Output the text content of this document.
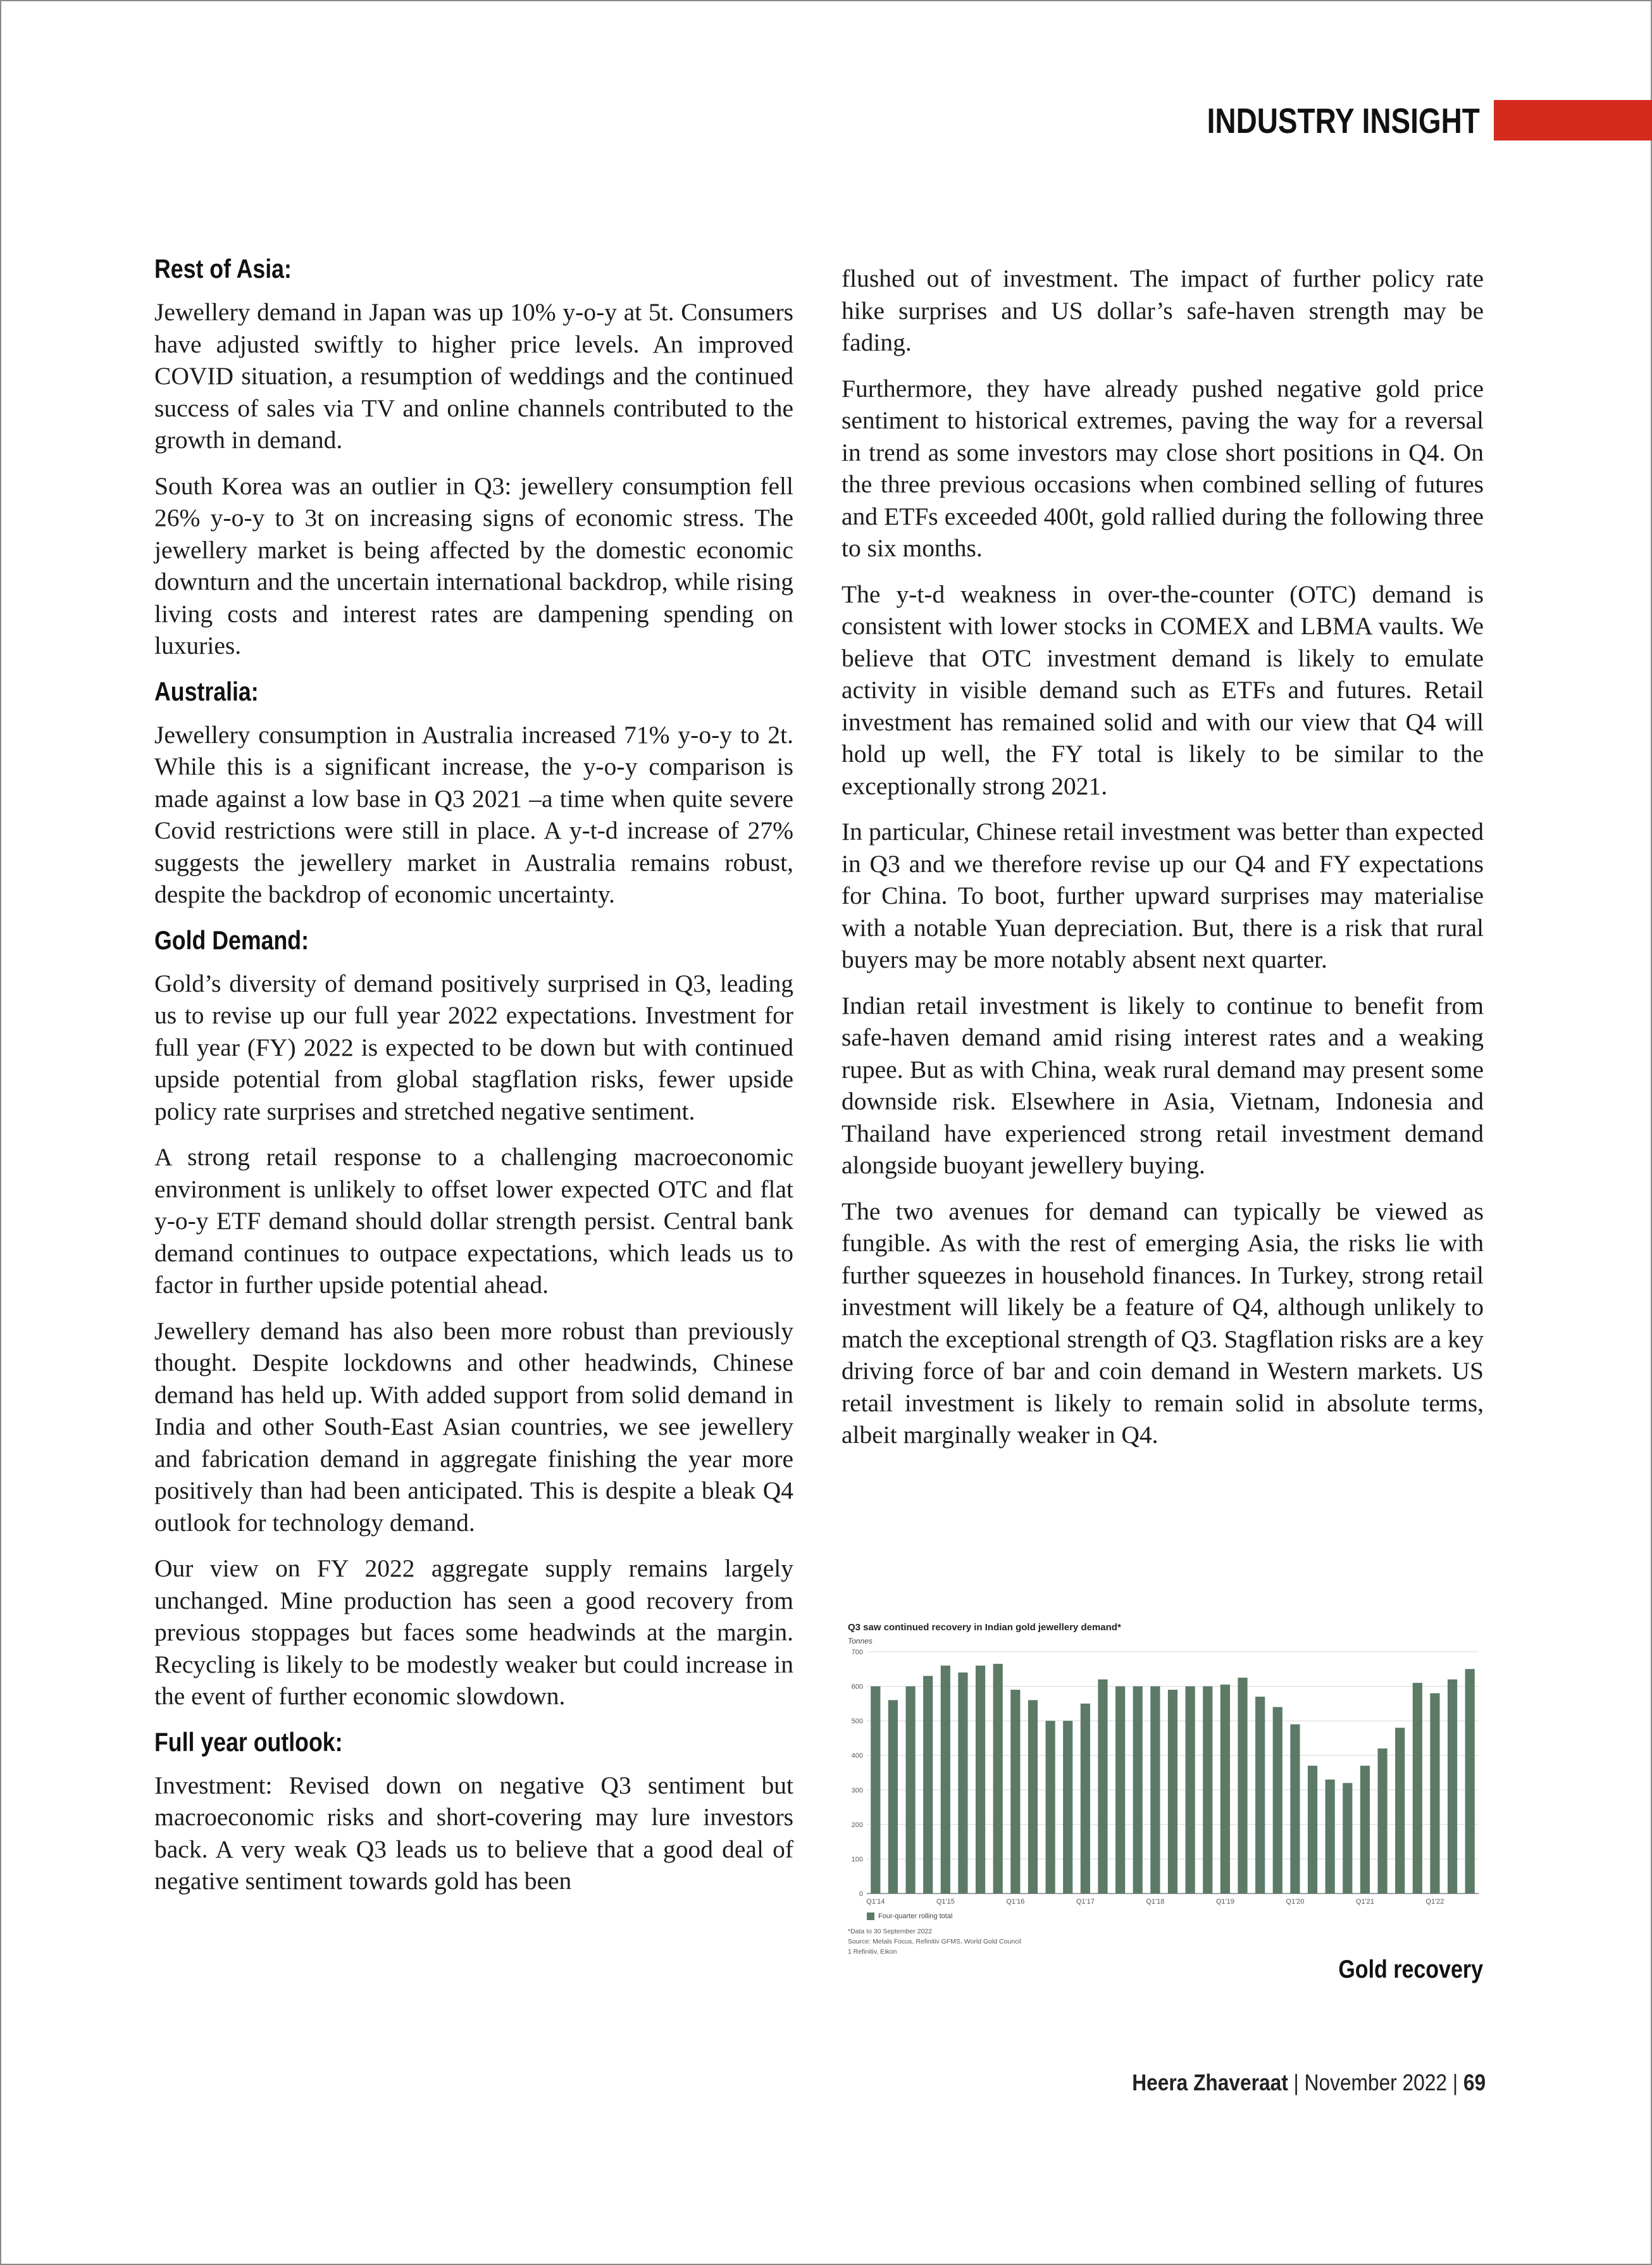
INDUSTRY INSIGHT
Rest of Asia:

Jewellery demand in Japan was up 10% y-o-y at 5t. Consumers have adjusted swiftly to higher price levels. An improved COVID situation, a resumption of weddings and the continued success of sales via TV and online channels contributed to the growth in demand.

South Korea was an outlier in Q3: jewellery consumption fell 26% y-o-y to 3t on increasing signs of economic stress. The jewellery market is being affected by the domestic economic downturn and the uncertain international backdrop, while rising living costs and interest rates are dampening spending on luxuries.

Australia:

Jewellery consumption in Australia increased 71% y-o-y to 2t. While this is a significant increase, the y-o-y comparison is made against a low base in Q3 2021 –a time when quite severe Covid restrictions were still in place. A y-t-d increase of 27% suggests the jewellery market in Australia remains robust, despite the backdrop of economic uncertainty.

Gold Demand:

Gold’s diversity of demand positively surprised in Q3, leading us to revise up our full year 2022 expectations. Investment for full year (FY) 2022 is expected to be down but with continued upside potential from global stagflation risks, fewer upside policy rate surprises and stretched negative sentiment.

A strong retail response to a challenging macroeconomic environment is unlikely to offset lower expected OTC and flat y-o-y ETF demand should dollar strength persist. Central bank demand continues to outpace expectations, which leads us to factor in further upside potential ahead.

Jewellery demand has also been more robust than previously thought. Despite lockdowns and other headwinds, Chinese demand has held up. With added support from solid demand in India and other South-East Asian countries, we see jewellery and fabrication demand in aggregate finishing the year more positively than had been anticipated. This is despite a bleak Q4 outlook for technology demand.

Our view on FY 2022 aggregate supply remains largely unchanged. Mine production has seen a good recovery from previous stoppages but faces some headwinds at the margin. Recycling is likely to be modestly weaker but could increase in the event of further economic slowdown.

Full year outlook:

Investment: Revised down on negative Q3 sentiment but macroeconomic risks and short-covering may lure investors back. A very weak Q3 leads us to believe that a good deal of negative sentiment towards gold has been

flushed out of investment. The impact of further policy rate hike surprises and US dollar’s safe-haven strength may be fading.

Furthermore, they have already pushed negative gold price sentiment to historical extremes, paving the way for a reversal in trend as some investors may close short positions in Q4. On the three previous occasions when combined selling of futures and ETFs exceeded 400t, gold rallied during the following three to six months.

The y-t-d weakness in over-the-counter (OTC) demand is consistent with lower stocks in COMEX and LBMA vaults. We believe that OTC investment demand is likely to emulate activity in visible demand such as ETFs and futures. Retail investment has remained solid and with our view that Q4 will hold up well, the FY total is likely to be similar to the exceptionally strong 2021.

In particular, Chinese retail investment was better than expected in Q3 and we therefore revise up our Q4 and FY expectations for China. To boot, further upward surprises may materialise with a notable Yuan depreciation. But, there is a risk that rural buyers may be more notably absent next quarter.

Indian retail investment is likely to continue to benefit from safe-haven demand amid rising interest rates and a weaking rupee. But as with China, weak rural demand may present some downside risk. Elsewhere in Asia, Vietnam, Indonesia and Thailand have experienced strong retail investment demand alongside buoyant jewellery buying.

The two avenues for demand can typically be viewed as fungible. As with the rest of emerging Asia, the risks lie with further squeezes in household finances. In Turkey, strong retail investment will likely be a feature of Q4, although unlikely to match the exceptional strength of Q3. Stagflation risks are a key driving force of bar and coin demand in Western markets. US retail investment is likely to remain solid in absolute terms, albeit marginally weaker in Q4.

Q3 saw continued recovery in Indian gold jewellery demand*
Tonnes
0
100
200
300
400
500
600
700
Q1'14	Q1'15	Q1'16	Q1'17	Q1'18	Q1'19	Q1'20	Q1'21	Q1'22
Four-quarter rolling total
*Data to 30 September 2022
Source: Metals Focus, Refinitiv GFMS, World Gold Council
1 Refinitiv, Eikon
Gold recovery
Heera Zhaveraat | November 2022 | 69
